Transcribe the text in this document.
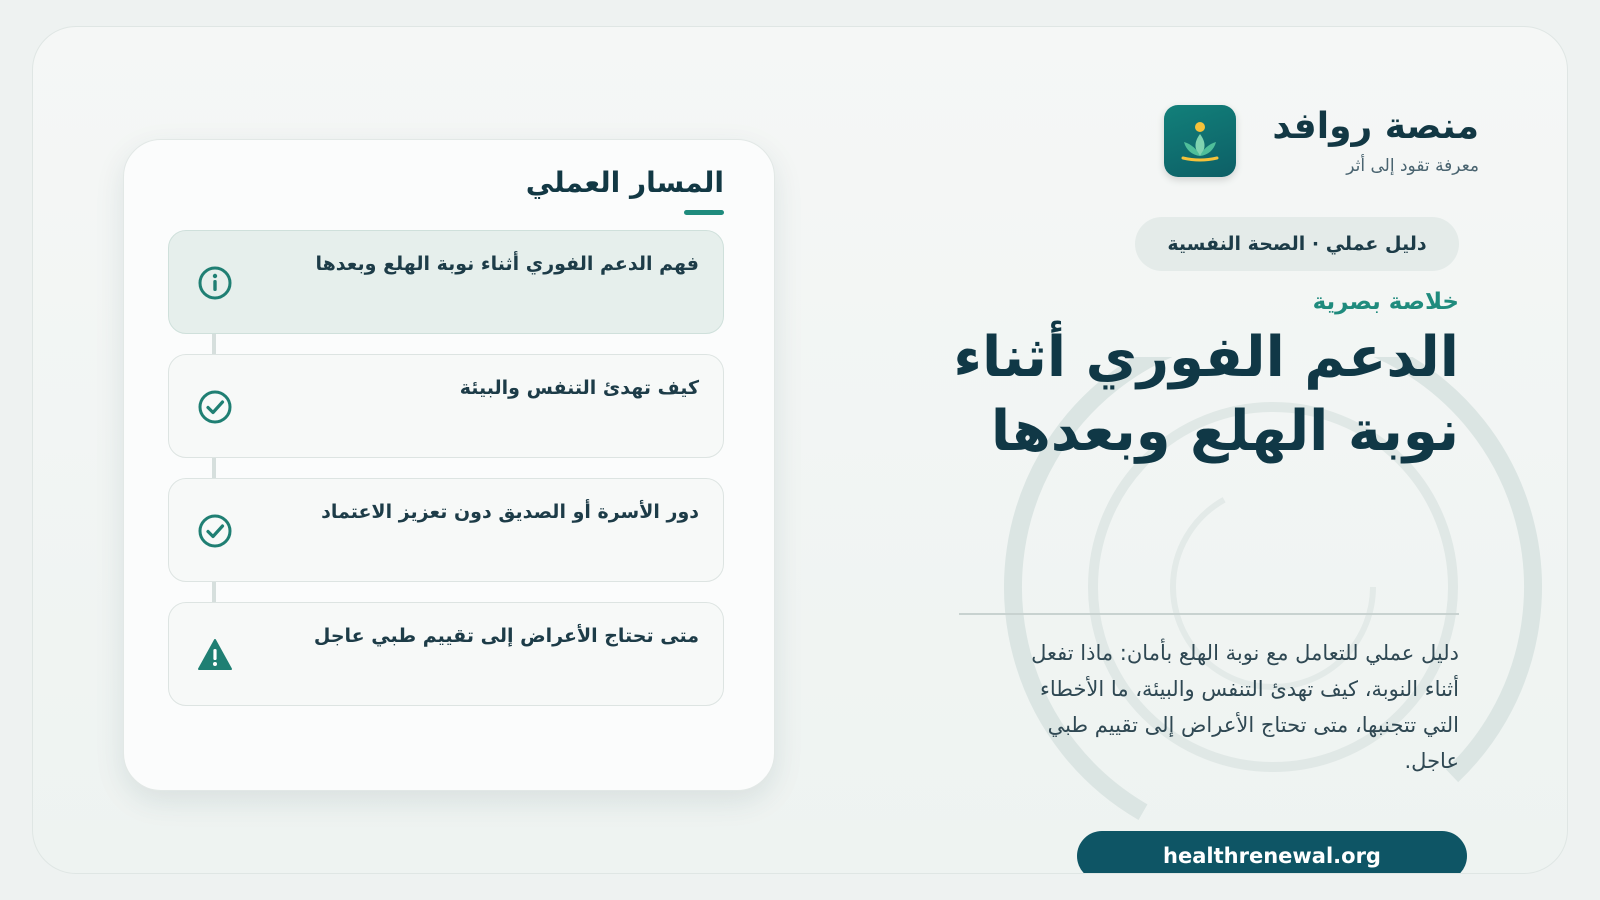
المسار العملي
فهم الدعم الفوري أثناء نوبة الهلع وبعدها
كيف تهدئ التنفس والبيئة
دور الأسرة أو الصديق دون تعزيز الاعتماد
متى تحتاج الأعراض إلى تقييم طبي عاجل
منصة روافد
معرفة تقود إلى أثر
دليل عملي · الصحة النفسية
خلاصة بصرية
الدعم الفوري أثناء نوبة الهلع وبعدها

دليل عملي للتعامل مع نوبة الهلع بأمان: ماذا تفعل أثناء النوبة، كيف تهدئ التنفس والبيئة، ما الأخطاء التي تتجنبها، متى تحتاج الأعراض إلى تقييم طبي عاجل.

healthrenewal.org
